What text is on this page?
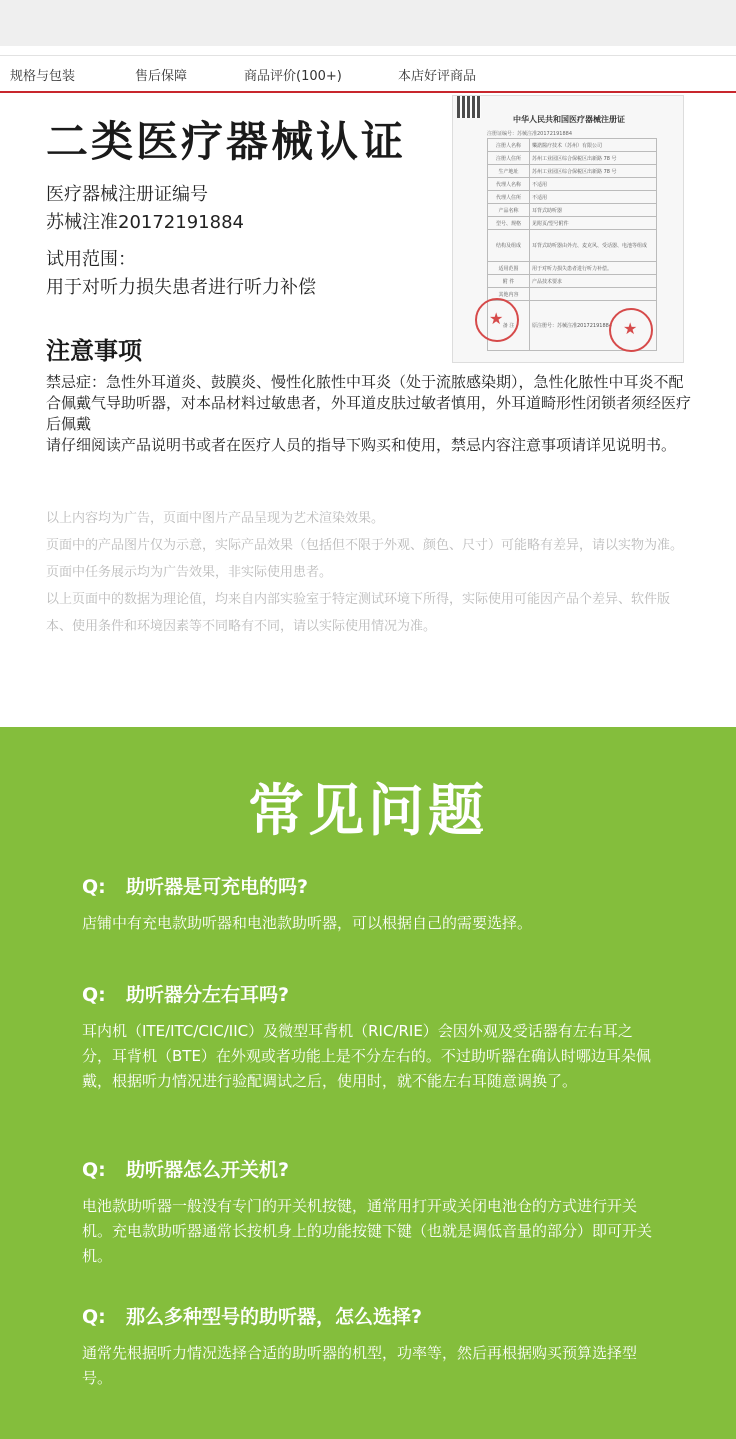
规格与包装	售后保障	商品评价(100+)	本店好评商品
二类医疗器械认证
医疗器械注册证编号
苏械注准20172191884
试用范围：
用于对听力损失患者进行听力补偿
中华人民共和国医疗器械注册证
注册证编号：苏械注准20172191884
注册人名称	樂諾醫疗技术（苏州）有限公司
注册人住所	苏州工业园区综合保税区出新路 78 号
生产地址	苏州工业园区综合保税区出新路 78 号
代理人名称	不适用
代理人住所	不适用
产品名称	耳背式助听器
型号、规格	见附页/型号附件
结构及组成	耳背式助听器由外壳、麦克风、受话器、电池等组成
适用范围	用于对听力损失患者进行听力补偿。
附 件	产品技术要求
其他内容	
备 注	原注册号：苏械注准20172191884
★
★
注意事项
禁忌症：急性外耳道炎、鼓膜炎、慢性化脓性中耳炎（处于流脓感染期），急性化脓性中耳炎不配合佩戴气导助听器，对本品材料过敏患者，外耳道皮肤过敏者慎用，外耳道畸形性闭锁者须经医疗后佩戴
请仔细阅读产品说明书或者在医疗人员的指导下购买和使用，禁忌内容注意事项请详见说明书。
以上内容均为广告，页面中图片产品呈现为艺术渲染效果。
页面中的产品图片仅为示意，实际产品效果（包括但不限于外观、颜色、尺寸）可能略有差异，请以实物为准。
页面中任务展示均为广告效果，非实际使用患者。
以上页面中的数据为理论值，均来自内部实验室于特定测试环境下所得，实际使用可能因产品个差异、软件版本、使用条件和环境因素等不同略有不同，请以实际使用情况为准。
常见问题
Q: 助听器是可充电的吗?
店铺中有充电款助听器和电池款助听器，可以根据自己的需要选择。
Q: 助听器分左右耳吗?
耳内机（ITE/ITC/CIC/IIC）及微型耳背机（RIC/RIE）会因外观及受话器有左右耳之分，耳背机（BTE）在外观或者功能上是不分左右的。不过助听器在确认时哪边耳朵佩戴，根据听力情况进行验配调试之后，使用时，就不能左右耳随意调换了。
Q: 助听器怎么开关机?
电池款助听器一般没有专门的开关机按键，通常用打开或关闭电池仓的方式进行开关机。充电款助听器通常长按机身上的功能按键下键（也就是调低音量的部分）即可开关机。
Q: 那么多种型号的助听器，怎么选择?
通常先根据听力情况选择合适的助听器的机型，功率等，然后再根据购买预算选择型号。
